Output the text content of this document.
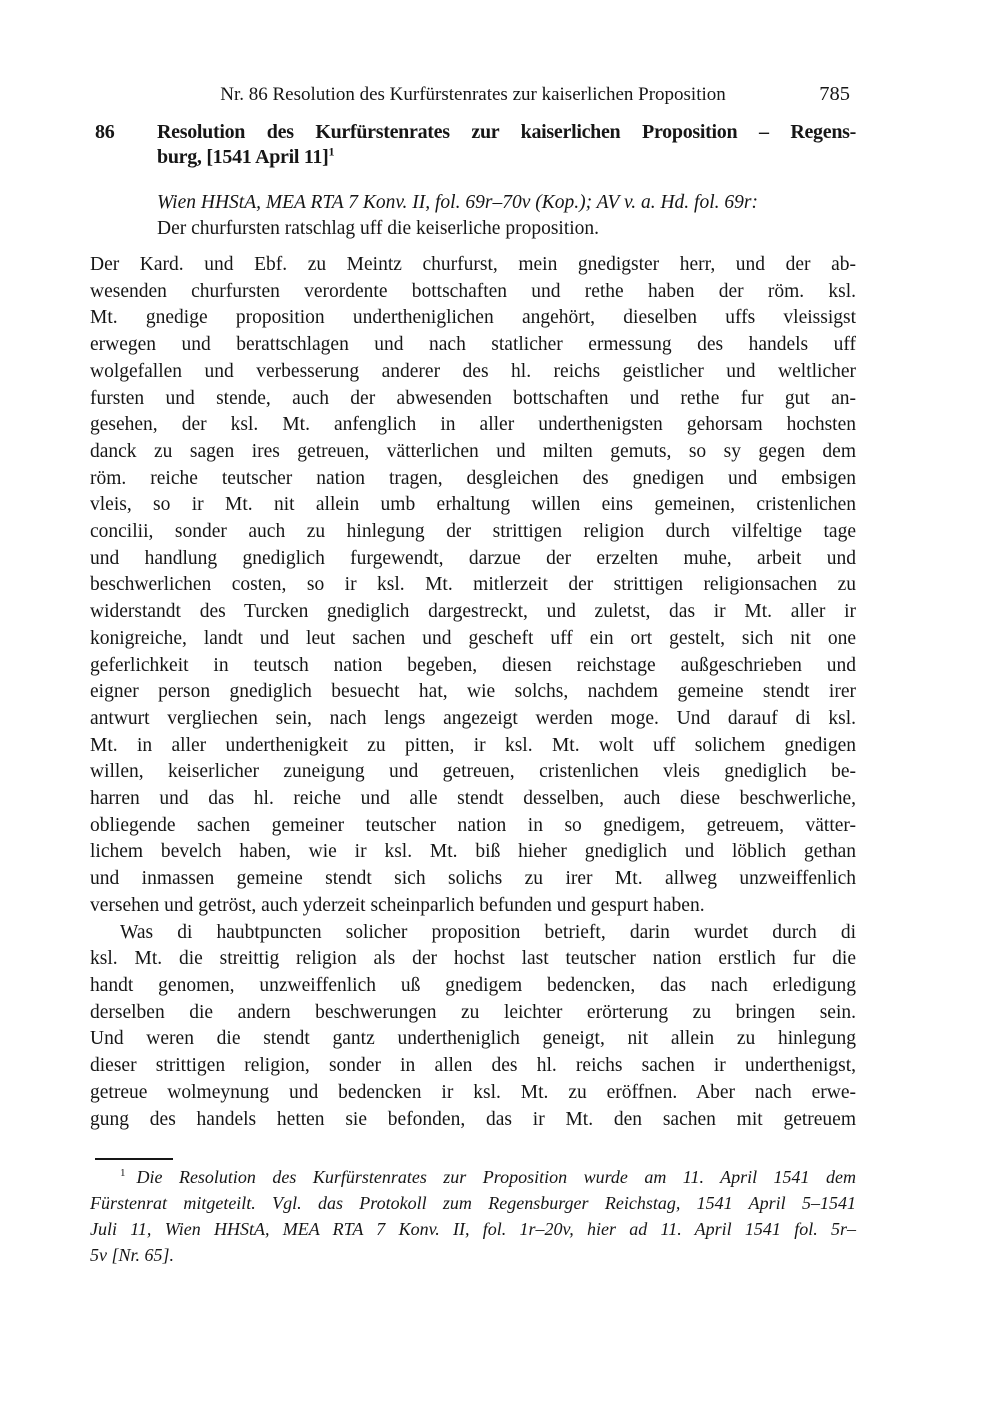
Nr. 86 Resolution des Kurfürstenrates zur kaiserlichen Proposition	785
86 Resolution des Kurfürstenrates zur kaiserlichen Proposition – Regens-
burg, [1541 April 11]$^1$
Wien HHStA, MEA RTA 7 Konv. II, fol. 69r–70v (Kop.); AV v. a. Hd. fol. 69r:
Der churfursten ratschlag uff die keiserliche proposition.
Der Kard. und Ebf. zu Meintz churfurst, mein gnedigster herr, und der ab-
wesenden churfursten verordente bottschaften und rethe haben der röm. ksl.
Mt. gnedige proposition undertheniglichen angehört, dieselben uffs vleissigst
erwegen und berattschlagen und nach statlicher ermessung des handels uff
wolgefallen und verbesserung anderer des hl. reichs geistlicher und weltlicher
fursten und stende, auch der abwesenden bottschaften und rethe fur gut an-
gesehen, der ksl. Mt. anfenglich in aller underthenigsten gehorsam hochsten
danck zu sagen ires getreuen, vätterlichen und milten gemuts, so sy gegen dem
röm. reiche teutscher nation tragen, desgleichen des gnedigen und embsigen
vleis, so ir Mt. nit allein umb erhaltung willen eins gemeinen, cristenlichen
concilii, sonder auch zu hinlegung der strittigen religion durch vilfeltige tage
und handlung gnediglich furgewendt, darzue der erzelten muhe, arbeit und
beschwerlichen costen, so ir ksl. Mt. mitlerzeit der strittigen religionsachen zu
widerstandt des Turcken gnediglich dargestreckt, und zuletst, das ir Mt. aller ir
konigreiche, landt und leut sachen und gescheft uff ein ort gestelt, sich nit one
geferlichkeit in teutsch nation begeben, diesen reichstage außgeschrieben und
eigner person gnediglich besuecht hat, wie solchs, nachdem gemeine stendt irer
antwurt vergliechen sein, nach lengs angezeigt werden moge. Und darauf di ksl.
Mt. in aller underthenigkeit zu pitten, ir ksl. Mt. wolt uff solichem gnedigen
willen, keiserlicher zuneigung und getreuen, cristenlichen vleis gnediglich be-
harren und das hl. reiche und alle stendt desselben, auch diese beschwerliche,
obliegende sachen gemeiner teutscher nation in so gnedigem, getreuem, vätter-
lichem bevelch haben, wie ir ksl. Mt. biß hieher gnediglich und löblich gethan
und inmassen gemeine stendt sich solichs zu irer Mt. allweg unzweiffenlich
versehen und getröst, auch yderzeit scheinparlich befunden und gespurt haben.
Was di haubtpuncten solicher proposition betrieft, darin wurdet durch di
ksl. Mt. die streittig religion als der hochst last teutscher nation erstlich fur die
handt genomen, unzweiffenlich uß gnedigem bedencken, das nach erledigung
derselben die andern beschwerungen zu leichter erörterung zu bringen sein.
Und weren die stendt gantz undertheniglich geneigt, nit allein zu hinlegung
dieser strittigen religion, sonder in allen des hl. reichs sachen ir underthenigst,
getreue wolmeynung und bedencken ir ksl. Mt. zu eröffnen. Aber nach erwe-
gung des handels hetten sie befonden, das ir Mt. den sachen mit getreuem
$^1$ Die Resolution des Kurfürstenrates zur Proposition wurde am 11. April 1541 dem
Fürstenrat mitgeteilt. Vgl. das Protokoll zum Regensburger Reichstag, 1541 April 5–1541
Juli 11, Wien HHStA, MEA RTA 7 Konv. II, fol. 1r–20v, hier ad 11. April 1541 fol. 5r–
5v [Nr. 65].
